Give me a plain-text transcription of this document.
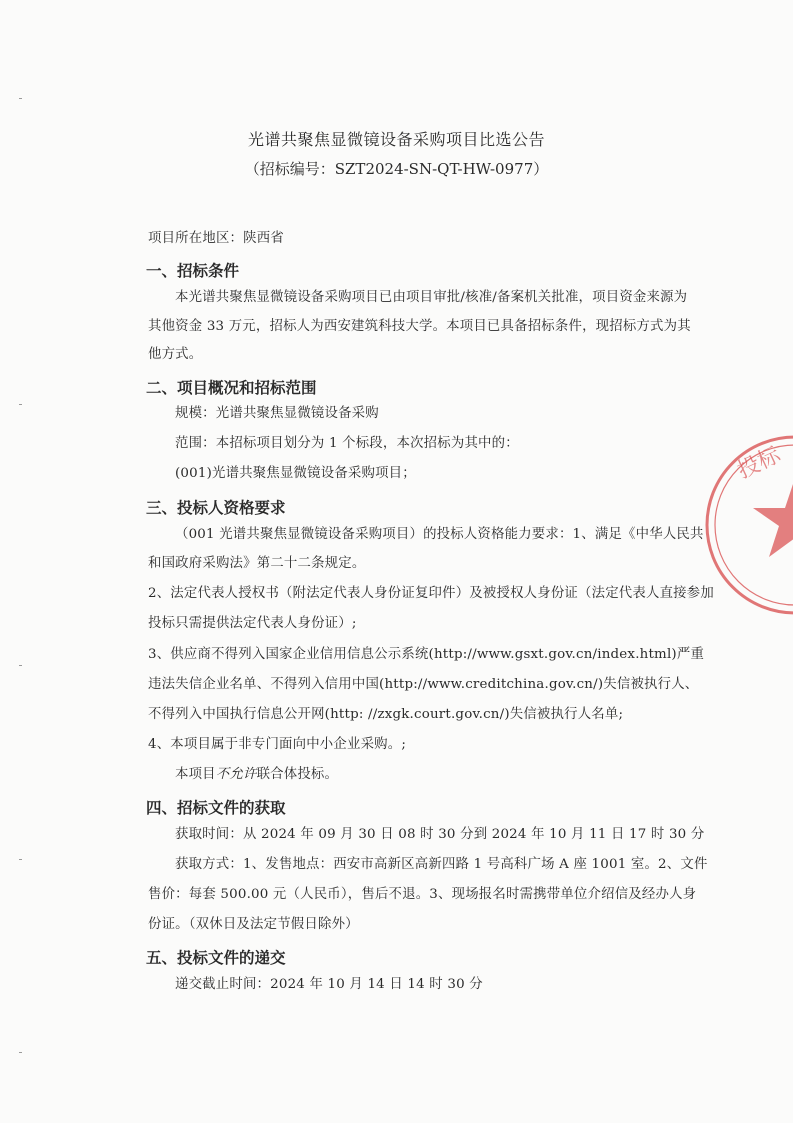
光谱共聚焦显微镜设备采购项目比选公告
（招标编号：SZT2024-SN-QT-HW-0977）
项目所在地区：陕西省
一、招标条件
本光谱共聚焦显微镜设备采购项目已由项目审批/核准/备案机关批准，项目资金来源为
其他资金 33 万元，招标人为西安建筑科技大学。本项目已具备招标条件，现招标方式为其
他方式。
二、项目概况和招标范围
规模：光谱共聚焦显微镜设备采购
范围：本招标项目划分为 1 个标段，本次招标为其中的：
(001)光谱共聚焦显微镜设备采购项目；
三、投标人资格要求
（001 光谱共聚焦显微镜设备采购项目）的投标人资格能力要求：1、满足《中华人民共
和国政府采购法》第二十二条规定。
2、法定代表人授权书（附法定代表人身份证复印件）及被授权人身份证（法定代表人直接参加
投标只需提供法定代表人身份证）;
3、供应商不得列入国家企业信用信息公示系统(http://www.gsxt.gov.cn/index.html)严重
违法失信企业名单、不得列入信用中国(http://www.creditchina.gov.cn/)失信被执行人、
不得列入中国执行信息公开网(http: //zxgk.court.gov.cn/)失信被执行人名单;
4、本项目属于非专门面向中小企业采购。;
本项目不允许联合体投标。
四、招标文件的获取
获取时间：从 2024 年 09 月 30 日 08 时 30 分到 2024 年 10 月 11 日 17 时 30 分
获取方式：1、发售地点：西安市高新区高新四路 1 号高科广场 A 座 1001 室。2、文件
售价：每套 500.00 元（人民币），售后不退。3、现场报名时需携带单位介绍信及经办人身
份证。（双休日及法定节假日除外）
五、投标文件的递交
递交截止时间：2024 年 10 月 14 日 14 时 30 分
投标
